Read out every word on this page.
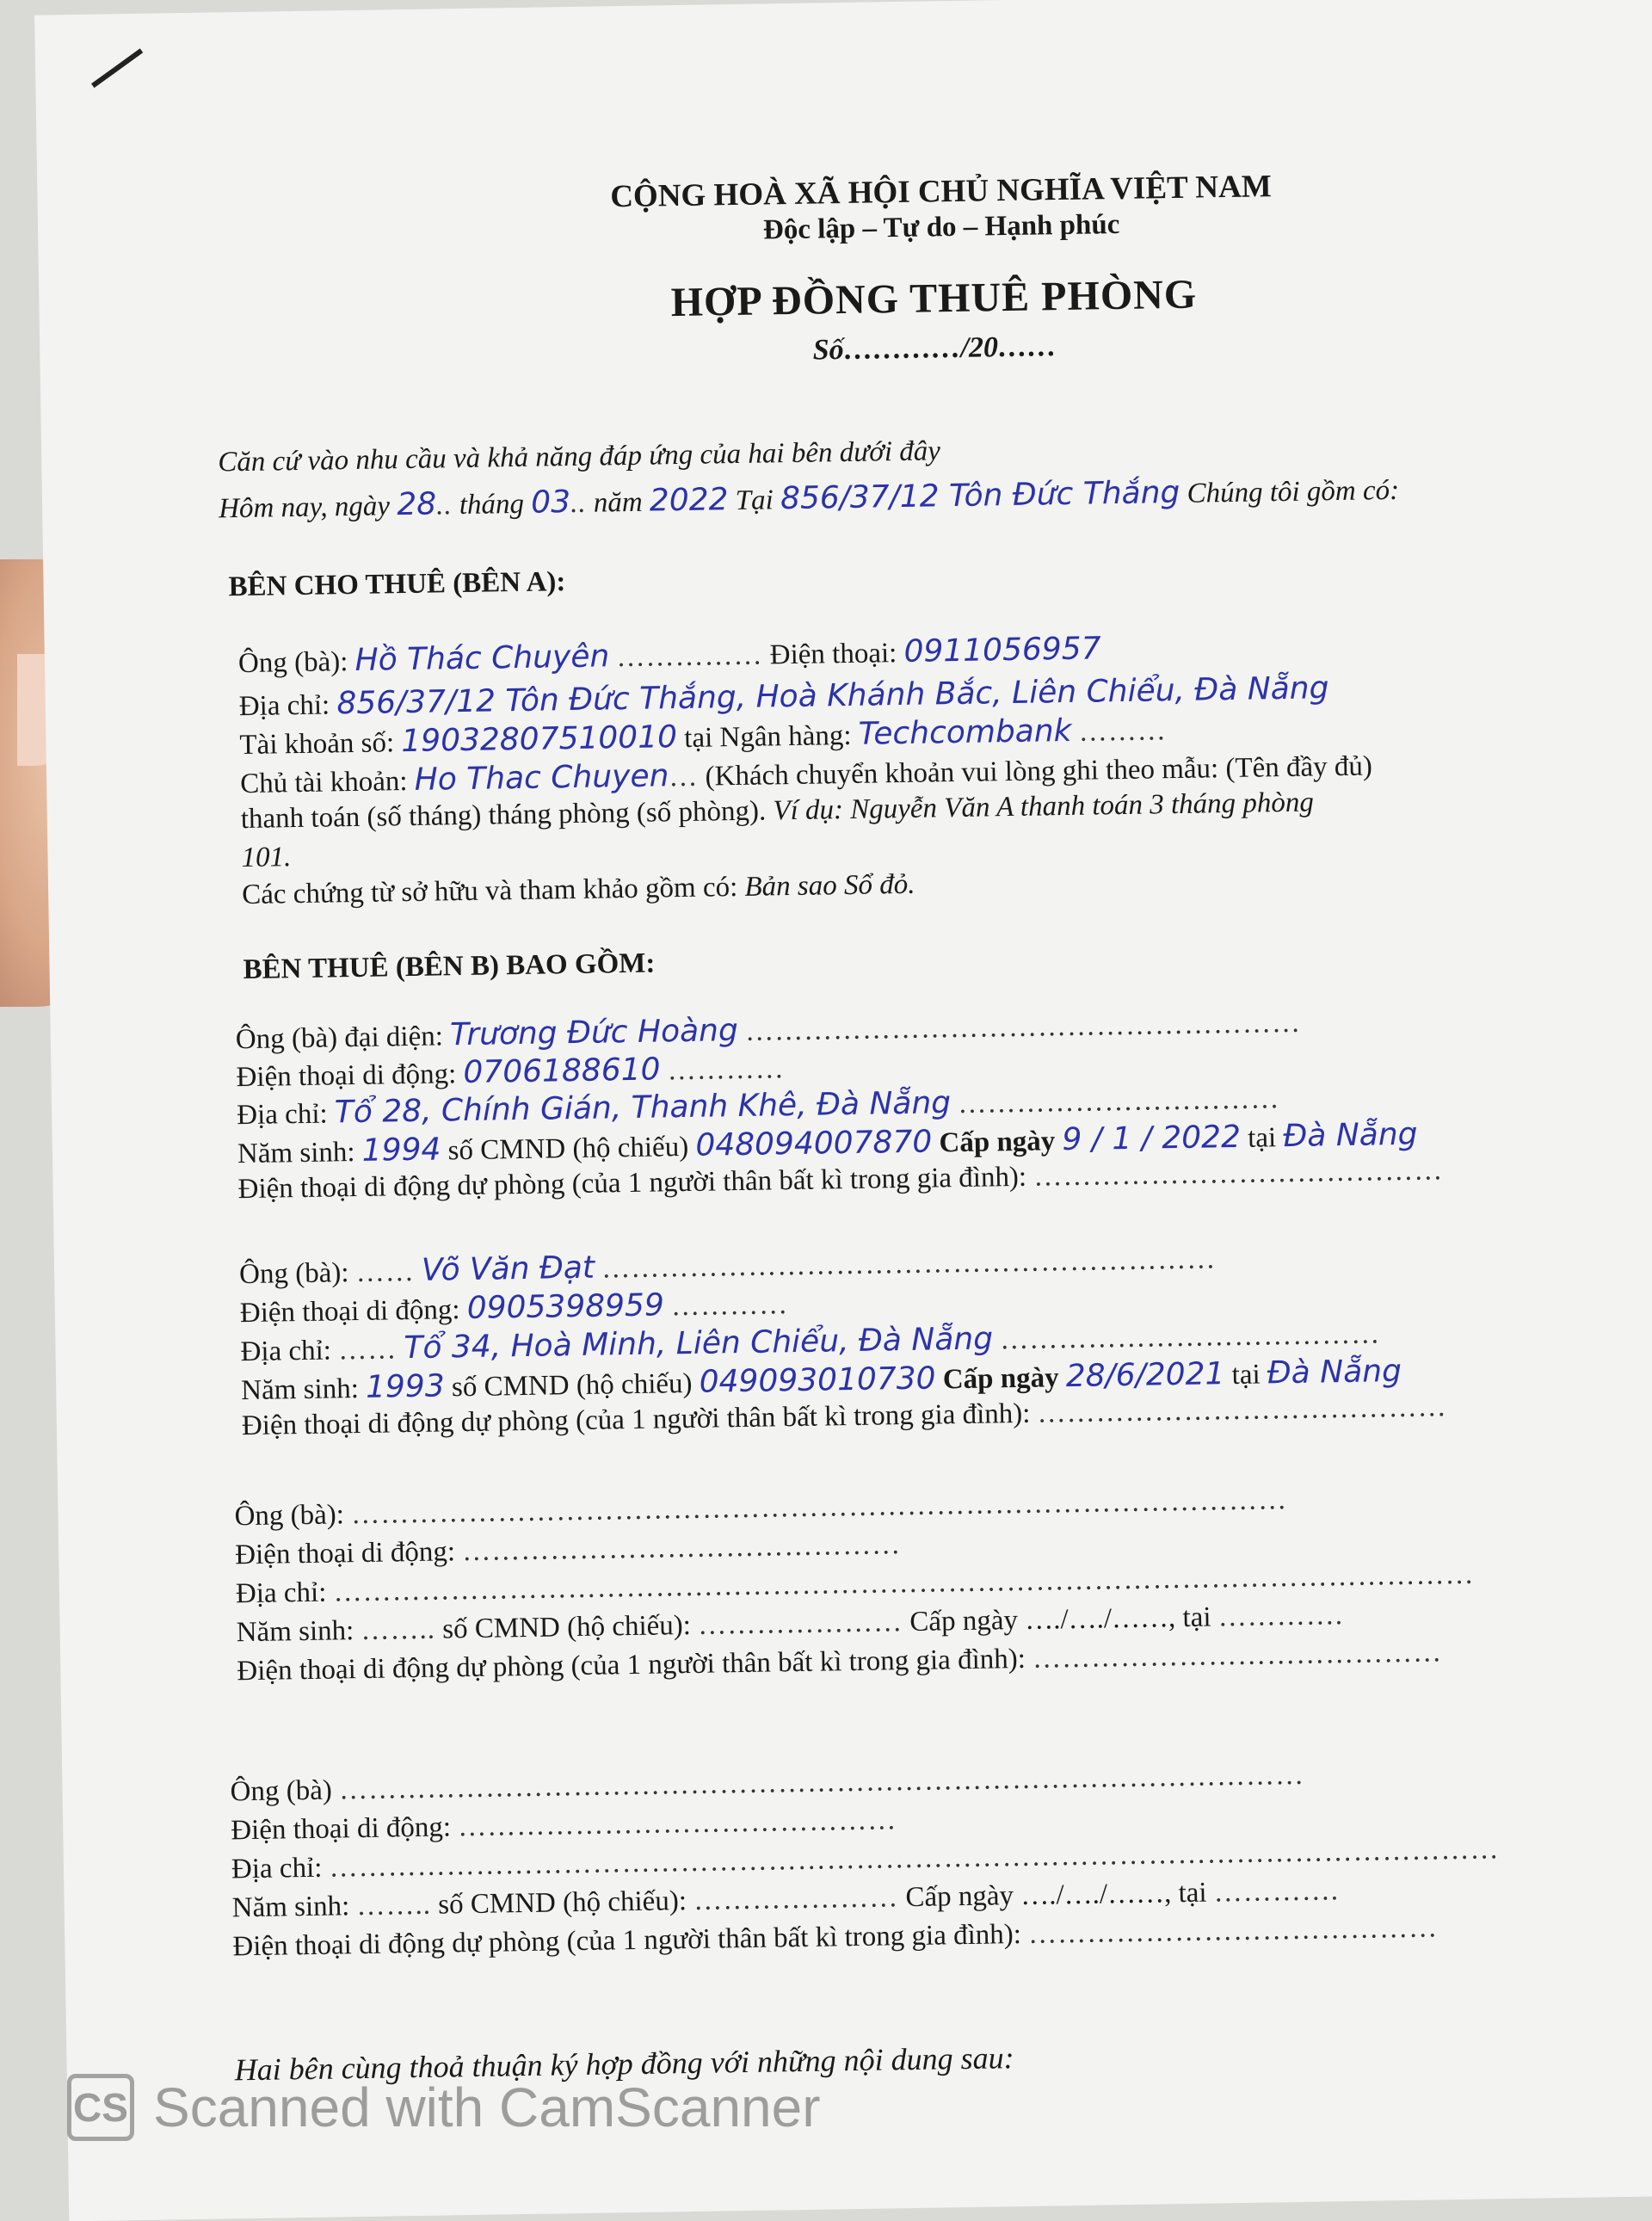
CỘNG HOÀ XÃ HỘI CHỦ NGHĨA VIỆT NAM
Độc lập – Tự do – Hạnh phúc
HỢP ĐỒNG THUÊ PHÒNG
Số…………/20……
Căn cứ vào nhu cầu và khả năng đáp ứng của hai bên dưới đây
Hôm nay, ngày 28.. tháng 03.. năm 2022 Tại 856/37/12 Tôn Đức Thắng Chúng tôi gồm có:
BÊN CHO THUÊ (BÊN A):
Ông (bà): Hồ Thác Chuyên …………… Điện thoại: 0911056957
Địa chỉ: 856/37/12 Tôn Đức Thắng, Hoà Khánh Bắc, Liên Chiểu, Đà Nẵng
Tài khoản số: 19032807510010 tại Ngân hàng: Techcombank ………
Chủ tài khoản: Ho Thac Chuyen… (Khách chuyển khoản vui lòng ghi theo mẫu: (Tên đầy đủ)
thanh toán (số tháng) tháng phòng (số phòng). Ví dụ: Nguyễn Văn A thanh toán 3 tháng phòng
101.
Các chứng từ sở hữu và tham khảo gồm có: Bản sao Sổ đỏ.
BÊN THUÊ (BÊN B) BAO GỒM:
Ông (bà) đại diện: Trương Đức Hoàng …………………………………………………
Điện thoại di động: 0706188610 …………
Địa chỉ: Tổ 28, Chính Gián, Thanh Khê, Đà Nẵng ……………………………
Năm sinh: 1994 số CMND (hộ chiếu) 048094007870 Cấp ngày 9 / 1 / 2022 tại Đà Nẵng
Điện thoại di động dự phòng (của 1 người thân bất kì trong gia đình): ……………………………………
Ông (bà): …… Võ Văn Đạt ………………………………………………………
Điện thoại di động: 0905398959 …………
Địa chỉ: …… Tổ 34, Hoà Minh, Liên Chiểu, Đà Nẵng …………………………………
Năm sinh: 1993 số CMND (hộ chiếu) 049093010730 Cấp ngày 28/6/2021 tại Đà Nẵng
Điện thoại di động dự phòng (của 1 người thân bất kì trong gia đình): ……………………………………
Ông (bà): ……………………………………………………………………………………
Điện thoại di động: ………………………………………
Địa chỉ: ………………………………………………………………………………………………………
Năm sinh: …….. số CMND (hộ chiếu): ………………… Cấp ngày …./…./……, tại ………….
Điện thoại di động dự phòng (của 1 người thân bất kì trong gia đình): ……………………………………
Ông (bà) ………………………………………………………………………………………
Điện thoại di động: ………………………………………
Địa chỉ: …………………………………………………………………………………………………………
Năm sinh: …….. số CMND (hộ chiếu): ………………… Cấp ngày …./…./……, tại ………….
Điện thoại di động dự phòng (của 1 người thân bất kì trong gia đình): ……………………………………
Hai bên cùng thoả thuận ký hợp đồng với những nội dung sau:
CS Scanned with CamScanner
